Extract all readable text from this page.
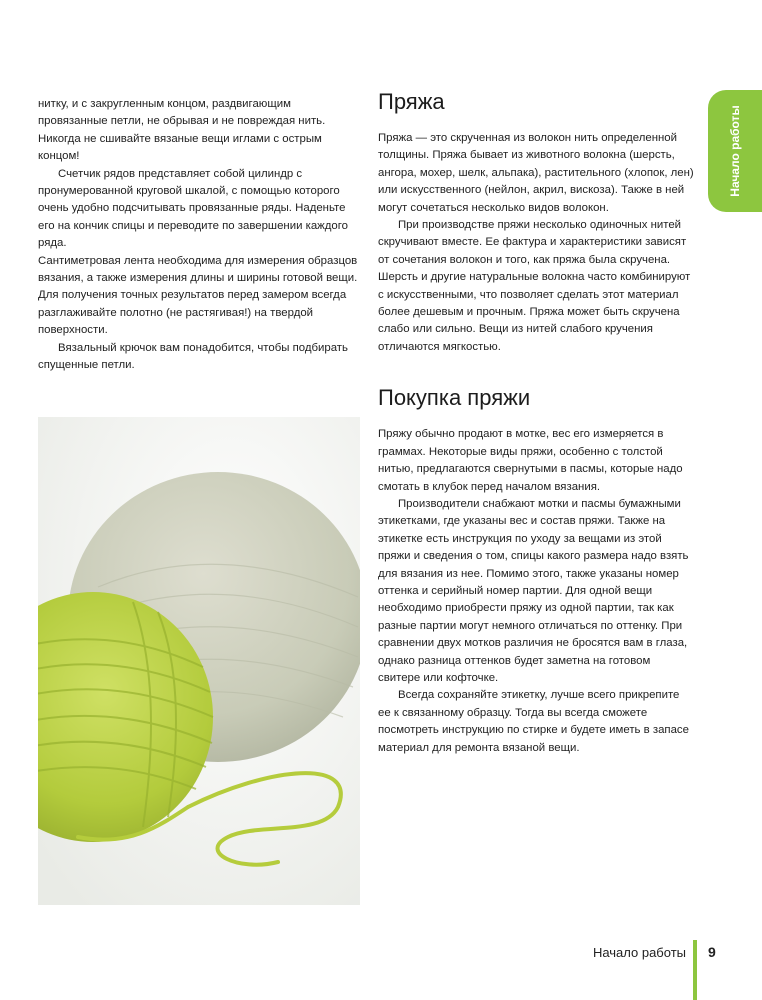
Начало работы

нитку, и с закругленным концом, раздвигающим провязанные петли, не обрывая и не повреждая нить. Никогда не сшивайте вязаные вещи иглами с острым концом!

Счетчик рядов представляет собой цилиндр с пронумерованной круговой шкалой, с помощью которого очень удобно подсчитывать провязанные ряды. Наденьте его на кончик спицы и переводите по завершении каждого ряда.

Сантиметровая лента необходима для измерения образцов вязания, а также измерения длины и ширины готовой вещи. Для получения точных результатов перед замером всегда разглаживайте полотно (не растягивая!) на твердой поверхности.

Вязальный крючок вам понадобится, чтобы подбирать спущенные петли.

Пряжа

Пряжа — это скрученная из волокон нить определенной толщины. Пряжа бывает из животного волокна (шерсть, ангора, мохер, шелк, альпака), растительного (хлопок, лен) или искусственного (нейлон, акрил, вискоза). Также в ней могут сочетаться несколько видов волокон.

При производстве пряжи несколько одиночных нитей скручивают вместе. Ее фактура и характеристики зависят от сочетания волокон и того, как пряжа была скручена. Шерсть и другие натуральные волокна часто комбинируют с искусственными, что позволяет сделать этот материал более дешевым и прочным. Пряжа может быть скручена слабо или сильно. Вещи из нитей слабого кручения отличаются мягкостью.

Покупка пряжи

Пряжу обычно продают в мотке, вес его измеряется в граммах. Некоторые виды пряжи, особенно с толстой нитью, предлагаются свернутыми в пасмы, которые надо смотать в клубок перед началом вязания.

Производители снабжают мотки и пасмы бумажными этикетками, где указаны вес и состав пряжи. Также на этикетке есть инструкция по уходу за вещами из этой пряжи и сведения о том, спицы какого размера надо взять для вязания из нее. Помимо этого, также указаны номер оттенка и серийный номер партии. Для одной вещи необходимо приобрести пряжу из одной партии, так как разные партии могут немного отличаться по оттенку. При сравнении двух мотков различия не бросятся вам в глаза, однако разница оттенков будет заметна на готовом свитере или кофточке.

Всегда сохраняйте этикетку, лучше всего прикрепите ее к связанному образцу. Тогда вы всегда сможете посмотреть инструкцию по стирке и будете иметь в запасе материал для ремонта вязаной вещи.

Начало работы 9
